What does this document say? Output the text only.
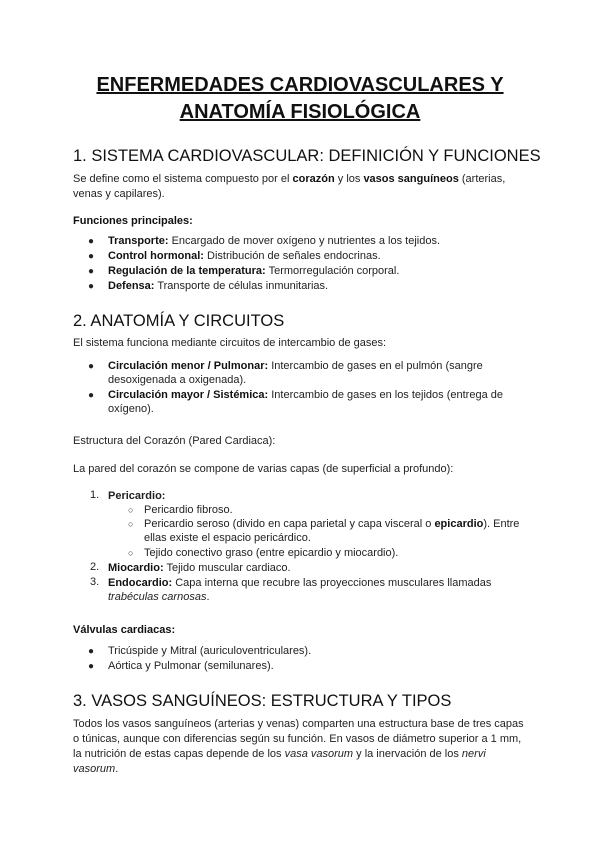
ENFERMEDADES CARDIOVASCULARES Y
ANATOMÍA FISIOLÓGICA
1. SISTEMA CARDIOVASCULAR: DEFINICIÓN Y FUNCIONES
Se define como el sistema compuesto por el corazón y los vasos sanguíneos (arterias,
venas y capilares).
Funciones principales:
● Transporte: Encargado de mover oxígeno y nutrientes a los tejidos.
● Control hormonal: Distribución de señales endocrinas.
● Regulación de la temperatura: Termorregulación corporal.
● Defensa: Transporte de células inmunitarias.
2. ANATOMÍA Y CIRCUITOS
El sistema funciona mediante circuitos de intercambio de gases:
● Circulación menor / Pulmonar: Intercambio de gases en el pulmón (sangre
desoxigenada a oxigenada).
● Circulación mayor / Sistémica: Intercambio de gases en los tejidos (entrega de
oxígeno).
Estructura del Corazón (Pared Cardiaca):
La pared del corazón se compone de varias capas (de superficial a profundo):
1. Pericardio:
○ Pericardio fibroso.
○ Pericardio seroso (divido en capa parietal y capa visceral o epicardio). Entre
ellas existe el espacio pericárdico.
○ Tejido conectivo graso (entre epicardio y miocardio).
2. Miocardio: Tejido muscular cardiaco.
3. Endocardio: Capa interna que recubre las proyecciones musculares llamadas
trabéculas carnosas.
Válvulas cardiacas:
● Tricúspide y Mitral (auriculoventriculares).
● Aórtica y Pulmonar (semilunares).
3. VASOS SANGUÍNEOS: ESTRUCTURA Y TIPOS
Todos los vasos sanguíneos (arterias y venas) comparten una estructura base de tres capas
o túnicas, aunque con diferencias según su función. En vasos de diámetro superior a 1 mm,
la nutrición de estas capas depende de los vasa vasorum y la inervación de los nervi
vasorum.
